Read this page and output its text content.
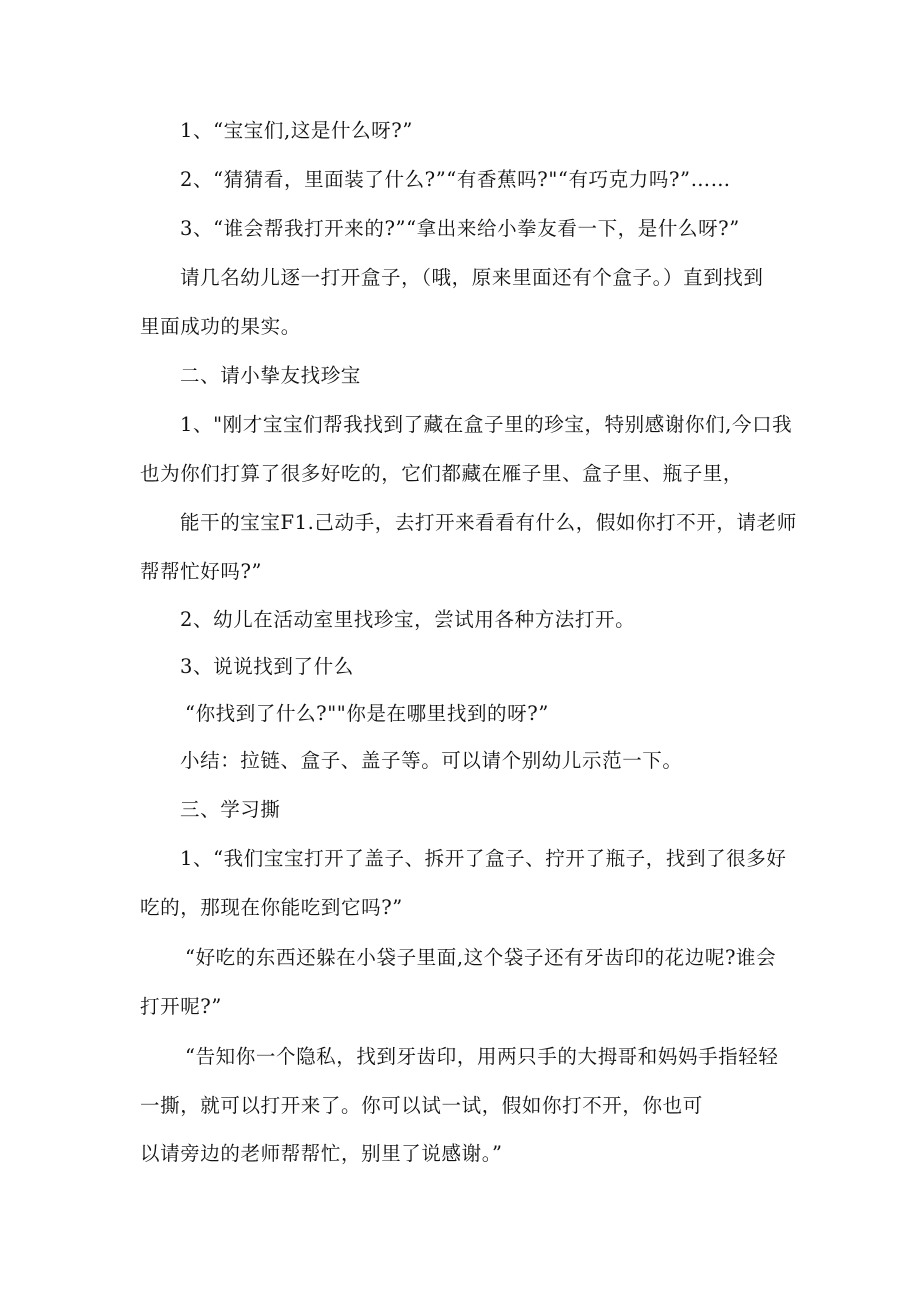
1、“宝宝们,这是什么呀?”
2、“猜猜看，里面装了什么?”“有香蕉吗?"“有巧克力吗?”……
3、“谁会帮我打开来的?”“拿出来给小拳友看一下，是什么呀?”
请几名幼儿逐一打开盒子，（哦，原来里面还有个盒子。）直到找到
里面成功的果实。
二、请小挚友找珍宝
1、"刚才宝宝们帮我找到了藏在盒子里的珍宝，特别感谢你们,今口我
也为你们打算了很多好吃的，它们都藏在雁子里、盒子里、瓶子里，
能干的宝宝F1.己动手，去打开来看看有什么，假如你打不开，请老师
帮帮忙好吗?”
2、幼儿在活动室里找珍宝，尝试用各种方法打开。
3、说说找到了什么
“你找到了什么?""你是在哪里找到的呀?”
小结：拉链、盒子、盖子等。可以请个别幼儿示范一下。
三、学习撕
1、“我们宝宝打开了盖子、拆开了盒子、拧开了瓶子，找到了很多好
吃的，那现在你能吃到它吗?”
“好吃的东西还躲在小袋子里面,这个袋子还有牙齿印的花边呢?谁会
打开呢?”
“告知你一个隐私，找到牙齿印，用两只手的大拇哥和妈妈手指轻轻
一撕，就可以打开来了。你可以试一试，假如你打不开，你也可
以请旁边的老师帮帮忙，别里了说感谢。”
